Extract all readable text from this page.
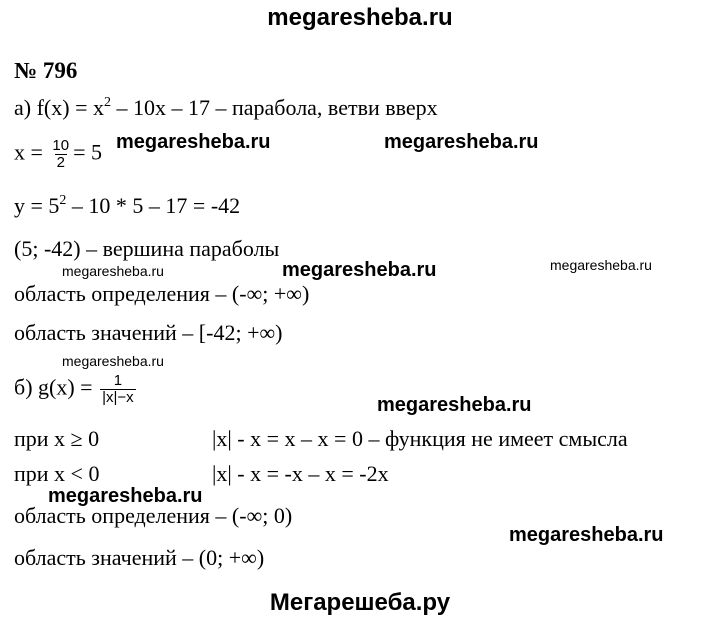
megaresheba.ru
№ 796
а) $f(x) = x^2 - 10x - 17$ – парабола, ветви вверх
$x = \frac{10}{2} = 5$
$y = 5^2 - 10 * 5 - 17 = -42$
(5; -42) – вершина параболы
область определения – (-∞; +∞)
область значений – [-42; +∞)
б) $g(x) = \frac{1}{|x|-x}$
при x ≥ 0	|x| - x = x – x = 0 – функция не имеет смысла
при x < 0	|x| - x = -x – x = -2x
область определения – (-∞; 0)
область значений – (0; +∞)
megaresheba.ru	megaresheba.ru
megaresheba.ru	megaresheba.ru	megaresheba.ru
megaresheba.ru
megaresheba.ru
megaresheba.ru
megaresheba.ru
Мегарешеба.ру
